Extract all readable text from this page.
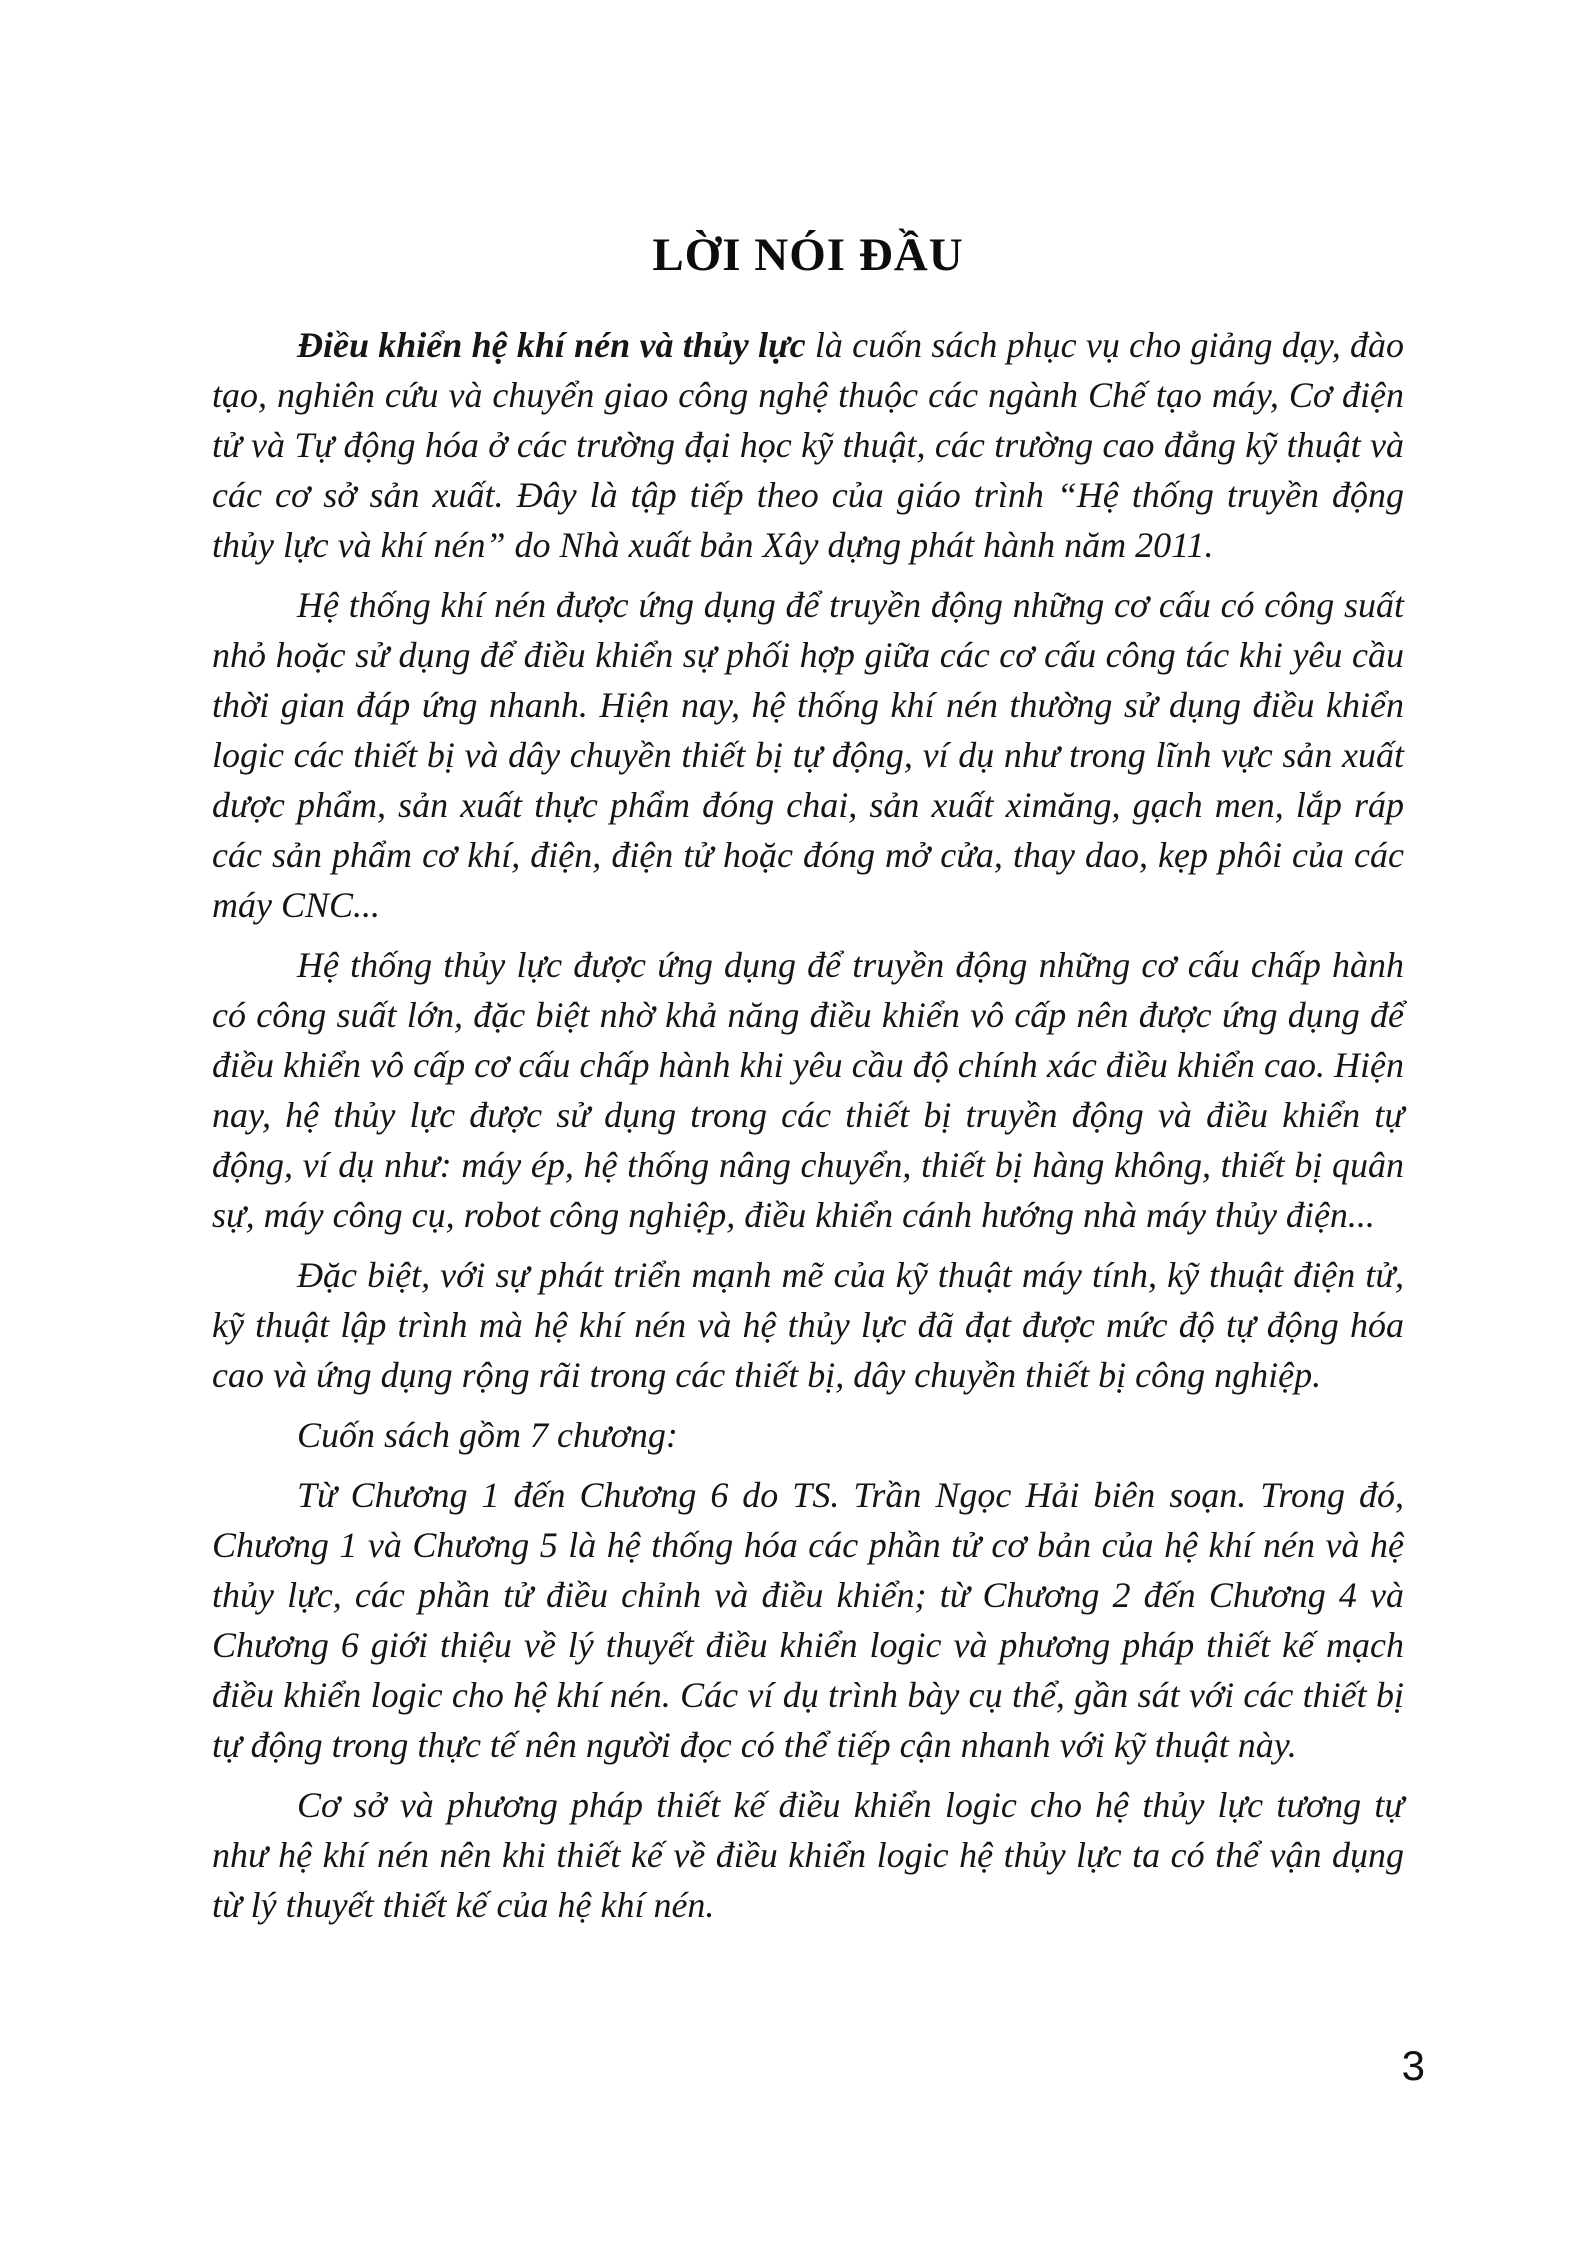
LỜI NÓI ĐẦU

Điều khiển hệ khí nén và thủy lực là cuốn sách phục vụ cho giảng dạy, đào tạo, nghiên cứu và chuyển giao công nghệ thuộc các ngành Chế tạo máy, Cơ điện tử và Tự động hóa ở các trường đại học kỹ thuật, các trường cao đẳng kỹ thuật và các cơ sở sản xuất. Đây là tập tiếp theo của giáo trình “Hệ thống truyền động thủy lực và khí nén” do Nhà xuất bản Xây dựng phát hành năm 2011.

Hệ thống khí nén được ứng dụng để truyền động những cơ cấu có công suất nhỏ hoặc sử dụng để điều khiển sự phối hợp giữa các cơ cấu công tác khi yêu cầu thời gian đáp ứng nhanh. Hiện nay, hệ thống khí nén thường sử dụng điều khiển logic các thiết bị và dây chuyền thiết bị tự động, ví dụ như trong lĩnh vực sản xuất dược phẩm, sản xuất thực phẩm đóng chai, sản xuất ximăng, gạch men, lắp ráp các sản phẩm cơ khí, điện, điện tử hoặc đóng mở cửa, thay dao, kẹp phôi của các máy CNC...

Hệ thống thủy lực được ứng dụng để truyền động những cơ cấu chấp hành có công suất lớn, đặc biệt nhờ khả năng điều khiển vô cấp nên được ứng dụng để điều khiển vô cấp cơ cấu chấp hành khi yêu cầu độ chính xác điều khiển cao. Hiện nay, hệ thủy lực được sử dụng trong các thiết bị truyền động và điều khiển tự động, ví dụ như: máy ép, hệ thống nâng chuyển, thiết bị hàng không, thiết bị quân sự, máy công cụ, robot công nghiệp, điều khiển cánh hướng nhà máy thủy điện...

Đặc biệt, với sự phát triển mạnh mẽ của kỹ thuật máy tính, kỹ thuật điện tử, kỹ thuật lập trình mà hệ khí nén và hệ thủy lực đã đạt được mức độ tự động hóa cao và ứng dụng rộng rãi trong các thiết bị, dây chuyền thiết bị công nghiệp.

Cuốn sách gồm 7 chương:

Từ Chương 1 đến Chương 6 do TS. Trần Ngọc Hải biên soạn. Trong đó, Chương 1 và Chương 5 là hệ thống hóa các phần tử cơ bản của hệ khí nén và hệ thủy lực, các phần tử điều chỉnh và điều khiển; từ Chương 2 đến Chương 4 và Chương 6 giới thiệu về lý thuyết điều khiển logic và phương pháp thiết kế mạch điều khiển logic cho hệ khí nén. Các ví dụ trình bày cụ thể, gần sát với các thiết bị tự động trong thực tế nên người đọc có thể tiếp cận nhanh với kỹ thuật này.

Cơ sở và phương pháp thiết kế điều khiển logic cho hệ thủy lực tương tự như hệ khí nén nên khi thiết kế về điều khiển logic hệ thủy lực ta có thể vận dụng từ lý thuyết thiết kế của hệ khí nén.

3
